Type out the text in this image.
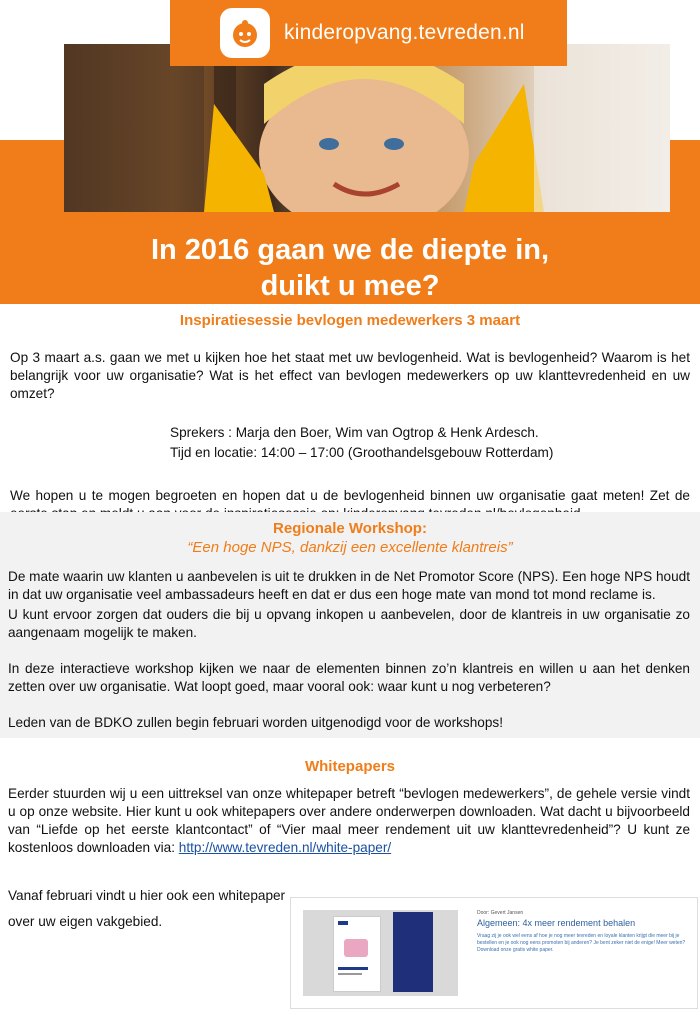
kinderopvang.tevreden.nl
In 2016 gaan we de diepte in,
duikt u mee?
Inspiratiesessie bevlogen medewerkers 3 maart

Op 3 maart a.s. gaan we met u kijken hoe het staat met uw bevlogenheid. Wat is bevlogenheid? Waarom is het belangrijk voor uw organisatie? Wat is het effect van bevlogen medewerkers op uw klanttevredenheid en uw omzet?

Sprekers : Marja den Boer, Wim van Ogtrop & Henk Ardesch.
Tijd en locatie: 14:00 – 17:00 (Groothandelsgebouw Rotterdam)

We hopen u te mogen begroeten en hopen dat u de bevlogenheid binnen uw organisatie gaat meten! Zet de

Regionale Workshop:
“Een hoge NPS, dankzij een excellente klantreis”

De mate waarin uw klanten u aanbevelen is uit te drukken in de Net Promotor Score (NPS). Een hoge NPS houdt in dat uw organisatie veel ambassadeurs heeft en dat er dus een hoge mate van mond tot mond reclame is.

U kunt ervoor zorgen dat ouders die bij u opvang inkopen u aanbevelen, door de klantreis in uw organisatie zo aangenaam mogelijk te maken.

In deze interactieve workshop kijken we naar de elementen binnen zo’n klantreis en willen u aan het denken zetten over uw organisatie. Wat loopt goed, maar vooral ook: waar kunt u nog verbeteren?

Leden van de BDKO zullen begin februari worden uitgenodigd voor de workshops!

Whitepapers

Eerder stuurden wij u een uittreksel van onze whitepaper betreft “bevlogen medewerkers”, de gehele versie vindt u op onze website. Hier kunt u ook whitepapers over andere onderwerpen downloaden. Wat dacht u bijvoorbeeld van “Liefde op het eerste klantcontact” of “Vier maal meer rendement uit uw klanttevredenheid”? U kunt ze kostenloos downloaden via: http://www.tevreden.nl/white-paper/

Vanaf februari vindt u hier ook een whitepaper
over uw eigen vakgebied.
Door: Gevert Jansen
Algemeen: 4x meer rendement behalen
Vraag zij je ook wel eens af hoe je nog meer tevreden en loyale klanten krijgt die meer bij je bestellen en je ook nog eens promoten bij anderen? Je bent zeker niet de enige! Meer weten? Download onze gratis white paper.
